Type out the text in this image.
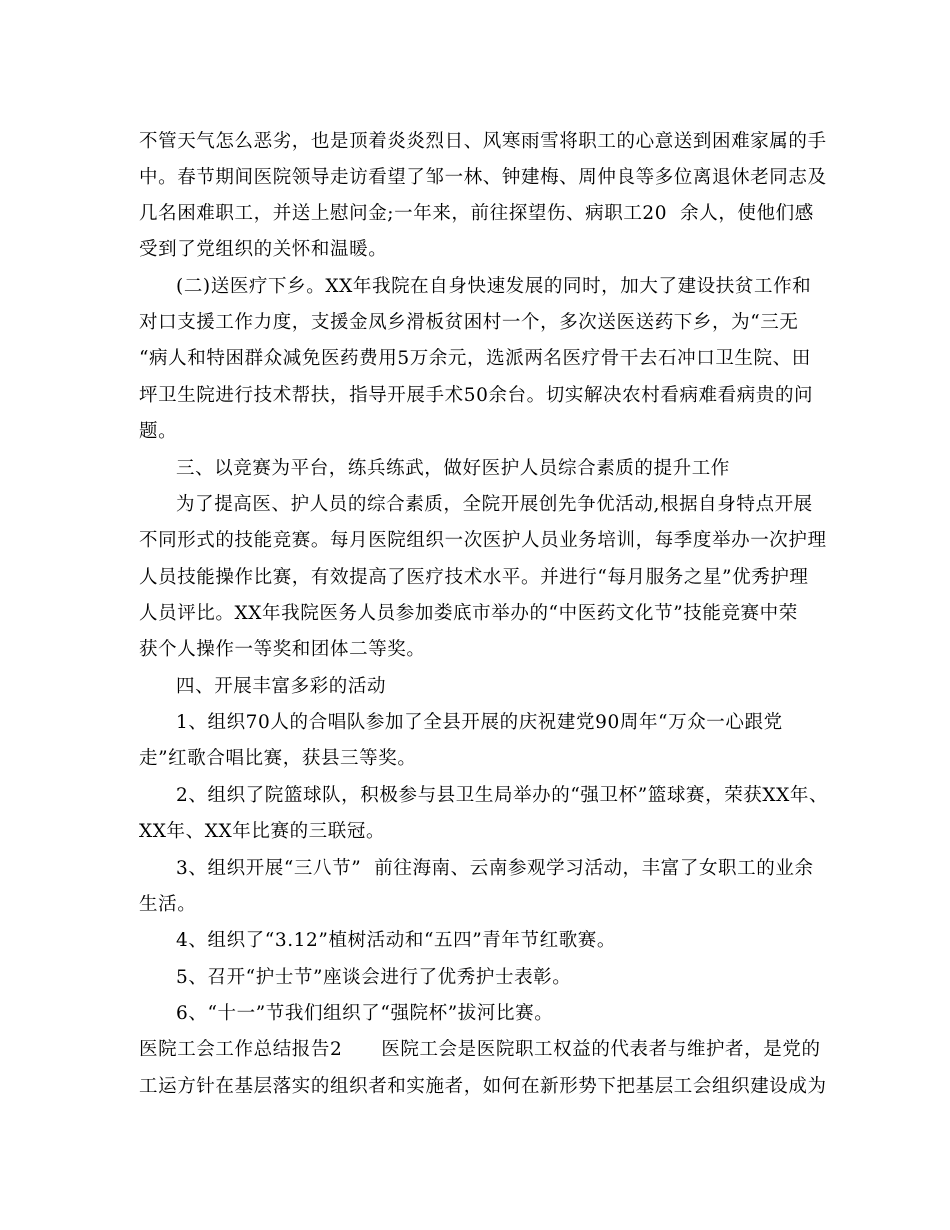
不管天气怎么恶劣，也是顶着炎炎烈日、风寒雨雪将职工的心意送到困难家属的手
中。春节期间医院领导走访看望了邹一林、钟建梅、周仲良等多位离退休老同志及
几名困难职工，并送上慰问金;一年来，前往探望伤、病职工20  余人，使他们感
受到了党组织的关怀和温暖。
(二)送医疗下乡。XX年我院在自身快速发展的同时，加大了建设扶贫工作和
对口支援工作力度，支援金凤乡滑板贫困村一个，多次送医送药下乡，为“三无
“病人和特困群众减免医药费用5万余元，选派两名医疗骨干去石冲口卫生院、田
坪卫生院进行技术帮扶，指导开展手术50余台。切实解决农村看病难看病贵的问
题。
三、以竞赛为平台，练兵练武，做好医护人员综合素质的提升工作
为了提高医、护人员的综合素质，全院开展创先争优活动,根据自身特点开展
不同形式的技能竞赛。每月医院组织一次医护人员业务培训，每季度举办一次护理
人员技能操作比赛，有效提高了医疗技术水平。并进行“每月服务之星”优秀护理
人员评比。XX年我院医务人员参加娄底市举办的“中医药文化节”技能竞赛中荣
获个人操作一等奖和团体二等奖。
四、开展丰富多彩的活动
1、组织70人的合唱队参加了全县开展的庆祝建党90周年“万众一心跟党
走”红歌合唱比赛，获县三等奖。
2、组织了院篮球队，积极参与县卫生局举办的“强卫杯”篮球赛，荣获XX年、
XX年、XX年比赛的三联冠。
3、组织开展“三八节”  前往海南、云南参观学习活动，丰富了女职工的业余
生活。
4、组织了“3.12”植树活动和“五四”青年节红歌赛。
5、召开“护士节”座谈会进行了优秀护士表彰。
6、“十一”节我们组织了“强院杯”拔河比赛。
医院工会工作总结报告2      医院工会是医院职工权益的代表者与维护者，是党的
工运方针在基层落实的组织者和实施者，如何在新形势下把基层工会组织建设成为
